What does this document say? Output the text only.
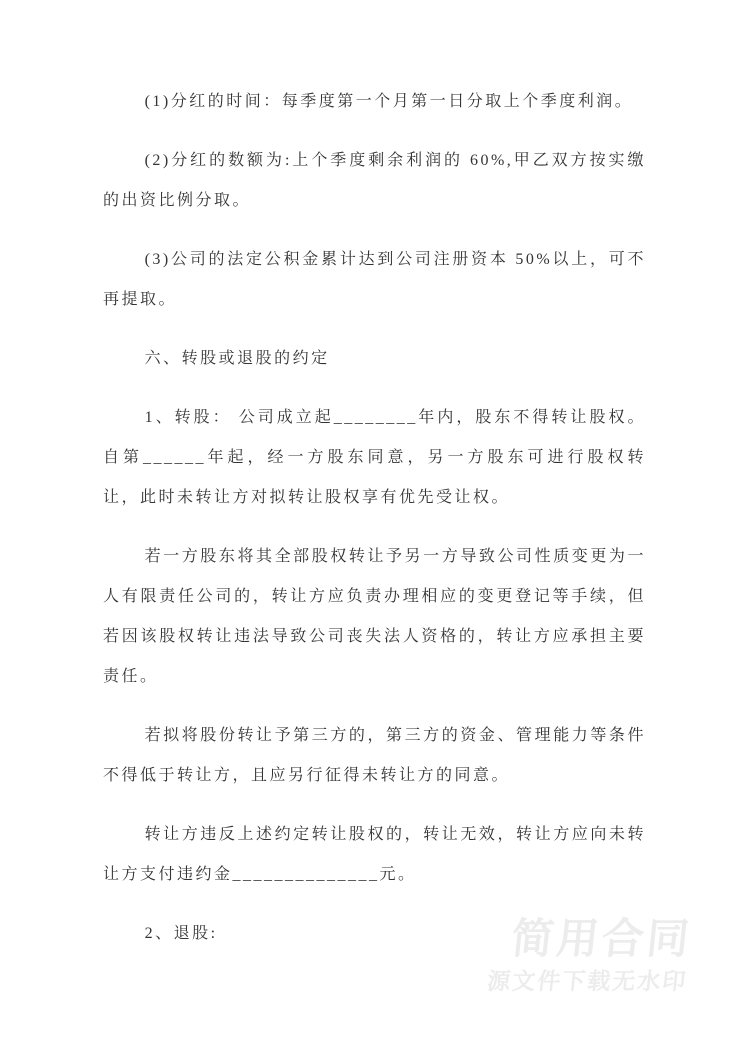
(1)分红的时间：每季度第一个月第一日分取上个季度利润。

(2)分红的数额为:上个季度剩余利润的 60%,甲乙双方按实缴的出资比例分取。

(3)公司的法定公积金累计达到公司注册资本 50%以上，可不再提取。

六、转股或退股的约定

1、转股： 公司成立起________年内，股东不得转让股权。自第______年起，经一方股东同意，另一方股东可进行股权转让，此时未转让方对拟转让股权享有优先受让权。

若一方股东将其全部股权转让予另一方导致公司性质变更为一人有限责任公司的，转让方应负责办理相应的变更登记等手续，但若因该股权转让违法导致公司丧失法人资格的，转让方应承担主要责任。

若拟将股份转让予第三方的，第三方的资金、管理能力等条件不得低于转让方，且应另行征得未转让方的同意。

转让方违反上述约定转让股权的，转让无效，转让方应向未转让方支付违约金______________元。

2、退股:	简用合同
源文件下载无水印
